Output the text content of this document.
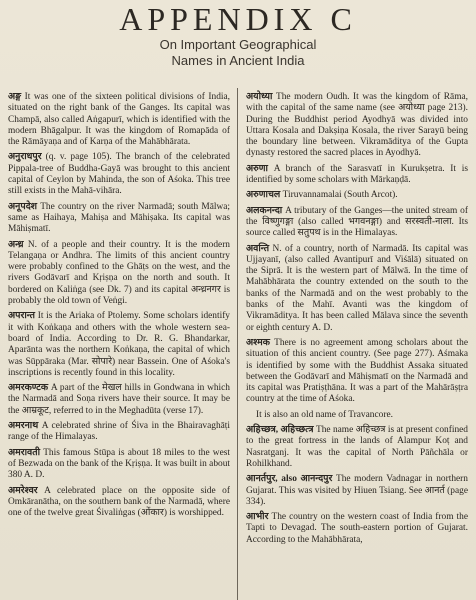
APPENDIX C
On Important Geographical
Names in Ancient India

अङ्ग It was one of the sixteen political divisions of India, situated on the right bank of the Ganges. Its capital was Champā, also called Aṅgapurī, which is identified with the modern Bhāgalpur. It was the kingdom of Romapāda of the Rāmāyaṇa and of Karṇa of the Mahābhārata.

अनुराधपुर (q. v. page 105). The branch of the celebrated Pippala-tree of Buddha-Gayā was brought to this ancient capital of Ceylon by Mahinda, the son of Aśoka. This tree still exists in the Mahā-vihāra.

अनूपदेश The country on the river Narmadā; south Mālwa; same as Haihaya, Mahiṣa and Māhiṣaka. Its capital was Māhiṣmatī.

अन्ध्र N. of a people and their country. It is the modern Telangaṇa or Andhra. The limits of this ancient country were probably confined to the Ghāṭs on the west, and the rivers Godāvarī and Kṛiṣṇa on the north and south. It bordered on Kaliṅga (see Dk. 7) and its capital अन्ध्रनगर is probably the old town of Veṅgi.

अपरान्त It is the Ariaka of Ptolemy. Some scholars identify it with Koṅkaṇa and others with the whole western sea-board of India. According to Dr. R. G. Bhandarkar, Aparānta was the northern Koṅkaṇa, the capital of which was Sūppāraka (Mar. सोपारे) near Bassein. One of Aśoka's inscriptions is recently found in this locality.

अमरकण्टक A part of the मेखल hills in Gondwana in which the Narmadā and Soṇa rivers have their source. It may be the आम्रकूट, referred to in the Meghadūta (verse 17).

अमरनाथ A celebrated shrine of Śiva in the Bhairavaghāṭi range of the Himalayas.

अमरावती This famous Stūpa is about 18 miles to the west of Bezwada on the bank of the Kṛiṣṇa. It was built in about 380 A. D.

अमरेश्वर A celebrated place on the opposite side of Omkāranātha, on the southern bank of the Narmadā, where one of the twelve great Śivaliṅgas (ओंकार) is worshipped.

अयोध्या The modern Oudh. It was the kingdom of Rāma, with the capital of the same name (see अयोध्या page 213). During the Buddhist period Ayodhyā was divided into Uttara Kosala and Dakṣiṇa Kosala, the river Sarayū being the boundary line between. Vikramāditya of the Gupta dynasty restored the sacred places in Ayodhyā.

अरुणा A branch of the Sarasvatī in Kurukṣetra. It is identified by some scholars with Mārkaṇḍā.

अरुणाचल Tiruvannamalai (South Arcot).

अलकनन्दा A tributary of the Ganges—the united stream of the विष्णुगङ्गा (also called भगवनङ्गा) and सरस्वती-नाला. Its source called सतुपथ is in the Himalayas.

अवन्ति N. of a country, north of Narmadā. Its capital was Ujjayanī, (also called Avantipurī and Viśālā) situated on the Siprā. It is the western part of Mālwā. In the time of Mahābhārata the country extended on the south to the banks of the Narmadā and on the west probably to the banks of the Mahī. Avanti was the kingdom of Vikramāditya. It has been called Mālava since the seventh or eighth century A. D.

अश्मक There is no agreement among scholars about the situation of this ancient country. (See page 277). Aśmaka is identified by some with the Buddhist Assaka situated between the Godāvarī and Māhiṣmatī on the Narmadā and its capital was Pratiṣṭhāna. It was a part of the Mahārāṣṭra country at the time of Aśoka.

It is also an old name of Travancore.

अहिच्छत्र, अहिच्छत्त्र The name अहिच्छत्र is at present confined to the great fortress in the lands of Alampur Koṭ and Nasratganj. It was the capital of North Pāñchāla or Rohilkhand.

आनर्तपुर, also आनन्दपुर The modern Vadnagar in northern Gujarat. This was visited by Hiuen Tsiang. See आनर्त (page 334).

आभीर The country on the western coast of India from the Tapti to Devagad. The south-eastern portion of Gujarat. According to the Mahābhārata,
